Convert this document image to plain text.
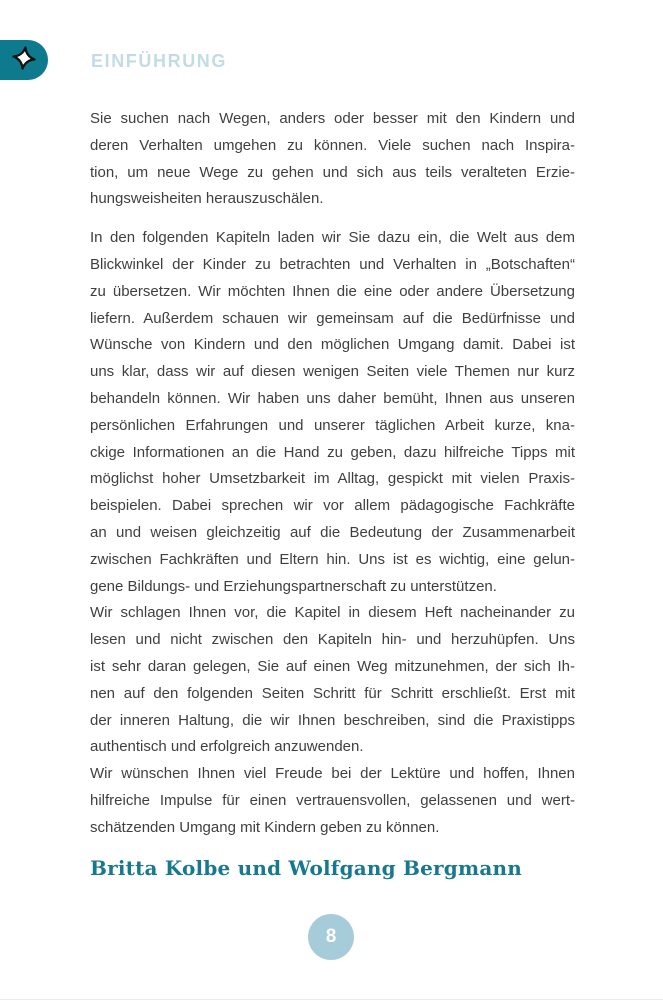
EINFÜHRUNG
Sie suchen nach Wegen, anders oder besser mit den Kindern und
deren Verhalten umgehen zu können. Viele suchen nach Inspira-
tion, um neue Wege zu gehen und sich aus teils veralteten Erzie-
hungsweisheiten herauszuschälen.
In den folgenden Kapiteln laden wir Sie dazu ein, die Welt aus dem
Blickwinkel der Kinder zu betrachten und Verhalten in „Botschaften“
zu übersetzen. Wir möchten Ihnen die eine oder andere Übersetzung
liefern. Außerdem schauen wir gemeinsam auf die Bedürfnisse und
Wünsche von Kindern und den möglichen Umgang damit. Dabei ist
uns klar, dass wir auf diesen wenigen Seiten viele Themen nur kurz
behandeln können. Wir haben uns daher bemüht, Ihnen aus unseren
persönlichen Erfahrungen und unserer täglichen Arbeit kurze, kna-
ckige Informationen an die Hand zu geben, dazu hilfreiche Tipps mit
möglichst hoher Umsetzbarkeit im Alltag, gespickt mit vielen Praxis-
beispielen. Dabei sprechen wir vor allem pädagogische Fachkräfte
an und weisen gleichzeitig auf die Bedeutung der Zusammenarbeit
zwischen Fachkräften und Eltern hin. Uns ist es wichtig, eine gelun-
gene Bildungs- und Erziehungspartnerschaft zu unterstützen.
Wir schlagen Ihnen vor, die Kapitel in diesem Heft nacheinander zu
lesen und nicht zwischen den Kapiteln hin- und herzuhüpfen. Uns
ist sehr daran gelegen, Sie auf einen Weg mitzunehmen, der sich Ih-
nen auf den folgenden Seiten Schritt für Schritt erschließt. Erst mit
der inneren Haltung, die wir Ihnen beschreiben, sind die Praxistipps
authentisch und erfolgreich anzuwenden.
Wir wünschen Ihnen viel Freude bei der Lektüre und hoffen, Ihnen
hilfreiche Impulse für einen vertrauensvollen, gelassenen und wert-
schätzenden Umgang mit Kindern geben zu können.
Britta Kolbe und Wolfgang Bergmann
8
